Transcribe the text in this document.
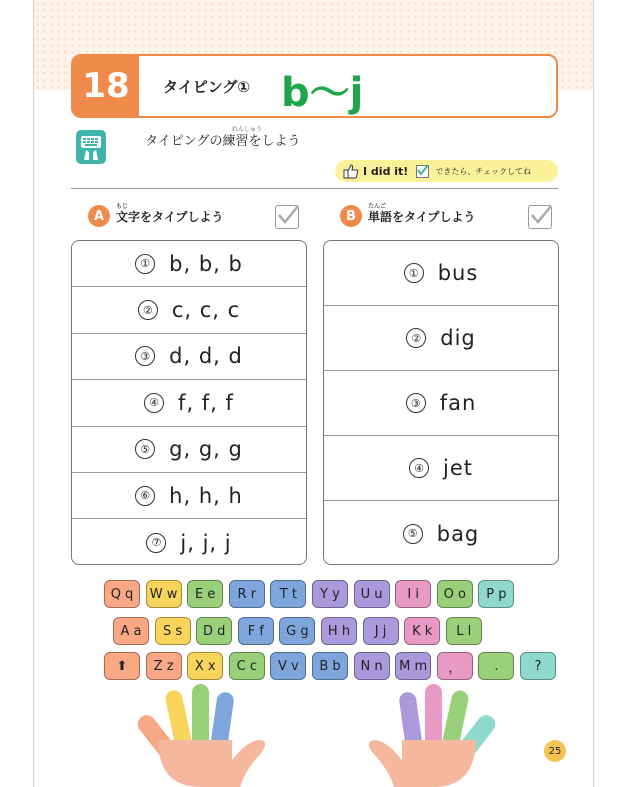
18	タイピング① b～j
れんしゅう
タイピングの練習をしよう
I did it!	できたら、チェックしてね
A
もじ
文字をタイプしよう
① b, b, b
② c, c, c
③ d, d, d
④ f, f, f
⑤ g, g, g
⑥ h, h, h
⑦ j, j, j
B
たんご
単語をタイプしよう
① bus
② dig
③ fan
④ jet
⑤ bag
Q q	W w	E e	R r	T t	Y y	U u	I i	O o	P p
A a	S s	D d	F f	G g	H h	J j	K k	L l
⬆	Z z	X x	C c	V v	B b	N n	M m	，	.	?
25
